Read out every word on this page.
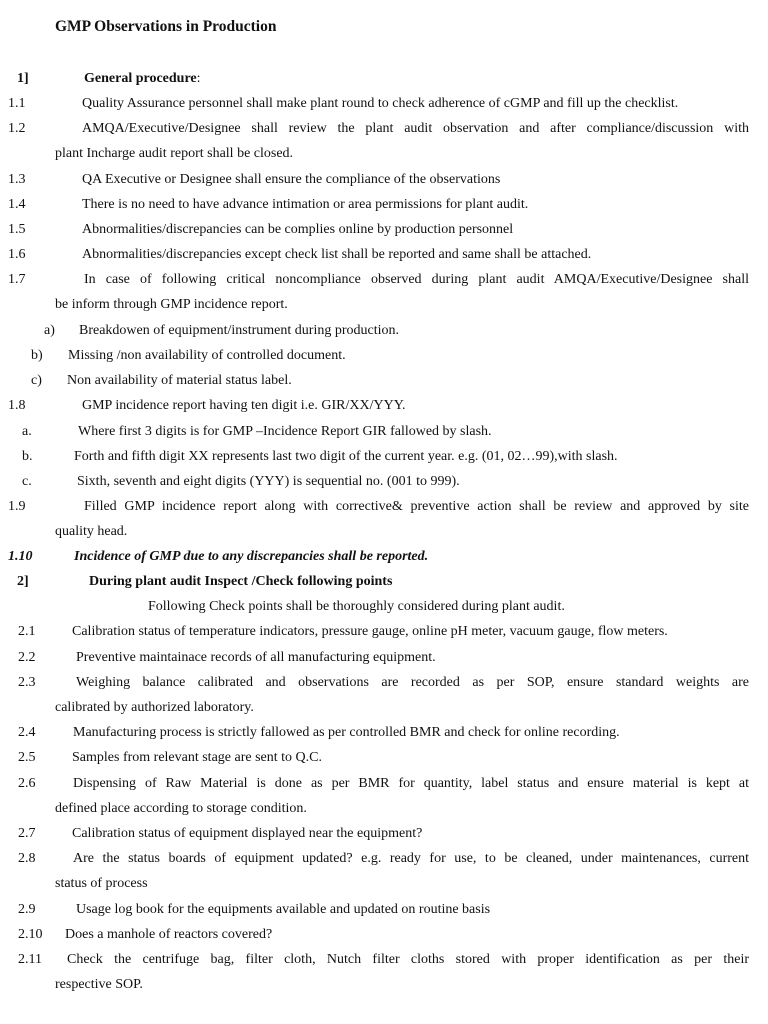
GMP Observations in Production
1]	General procedure:
1.1	Quality Assurance personnel shall make plant round to check adherence of cGMP and fill up the checklist.
1.2	AMQA/Executive/Designee shall review the plant audit observation and after compliance/discussion with
plant Incharge audit report shall be closed.
1.3	QA Executive or Designee shall ensure the compliance of the observations
1.4	There is no need to have advance intimation or area permissions for plant audit.
1.5	Abnormalities/discrepancies can be complies online by production personnel
1.6	Abnormalities/discrepancies except check list shall be reported and same shall be attached.
1.7	In case of following critical noncompliance observed during plant audit AMQA/Executive/Designee shall
be inform through GMP incidence report.
a) Breakdowen of equipment/instrument during production.
b) Missing /non availability of controlled document.
c) Non availability of material status label.
1.8	GMP incidence report having ten digit i.e. GIR/XX/YYY.
a.	Where first 3 digits is for GMP –Incidence Report GIR fallowed by slash.
b.	Forth and fifth digit XX represents last two digit of the current year. e.g. (01, 02…99),with slash.
c.	Sixth, seventh and eight digits (YYY) is sequential no. (001 to 999).
1.9	Filled GMP incidence report along with corrective& preventive action shall be review and approved by site
quality head.
1.10	Incidence of GMP due to any discrepancies shall be reported.
2]	During plant audit Inspect /Check following points
Following Check points shall be thoroughly considered during plant audit.
2.1	Calibration status of temperature indicators, pressure gauge, online pH meter, vacuum gauge, flow meters.
2.2	Preventive maintainace records of all manufacturing equipment.
2.3	Weighing balance calibrated and observations are recorded as per SOP, ensure standard weights are
calibrated by authorized laboratory.
2.4	Manufacturing process is strictly fallowed as per controlled BMR and check for online recording.
2.5	Samples from relevant stage are sent to Q.C.
2.6	Dispensing of Raw Material is done as per BMR for quantity, label status and ensure material is kept at
defined place according to storage condition.
2.7	Calibration status of equipment displayed near the equipment?
2.8	Are the status boards of equipment updated? e.g. ready for use, to be cleaned, under maintenances, current
status of process
2.9	Usage log book for the equipments available and updated on routine basis
2.10 Does a manhole of reactors covered?
2.11 Check the centrifuge bag, filter cloth, Nutch filter cloths stored with proper identification as per their
respective SOP.
